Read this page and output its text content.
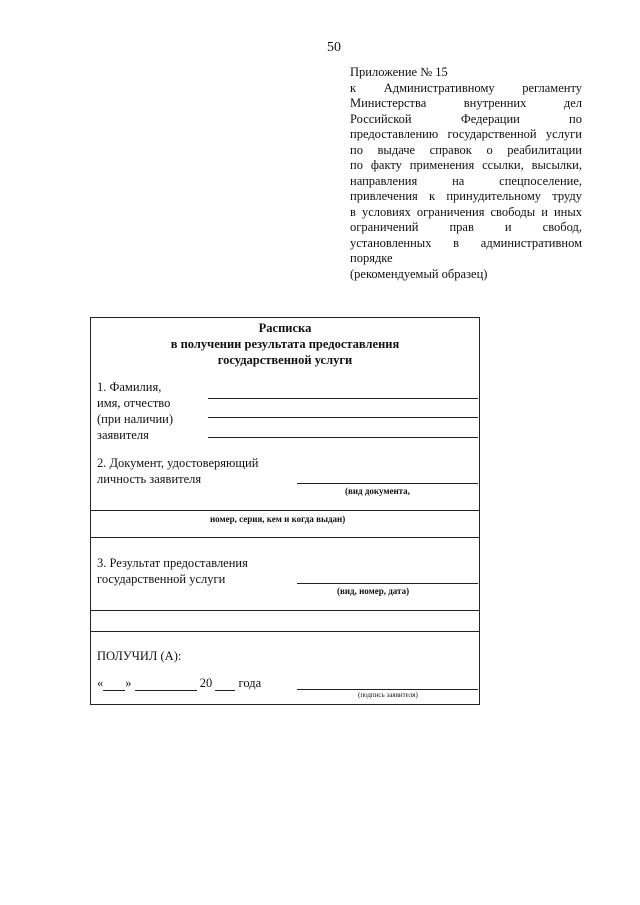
50
Приложение № 15
к Административному регламенту
Министерства внутренних дел
Российской Федерации по
предоставлению государственной услуги
по выдаче справок о реабилитации
по факту применения ссылки, высылки,
направления на спецпоселение,
привлечения к принудительному труду
в условиях ограничения свободы и иных
ограничений прав и свобод,
установленных в административном
порядке
(рекомендуемый образец)
Расписка
в получении результата предоставления
государственной услуги
1. Фамилия,
имя, отчество
(при наличии)
заявителя
2. Документ, удостоверяющий
личность заявителя
(вид документа,
номер, серия, кем и когда выдан)
3. Результат предоставления
государственной услуги
(вид, номер, дата)
ПОЛУЧИЛ (А):
« »	20 года
(подпись заявителя)
